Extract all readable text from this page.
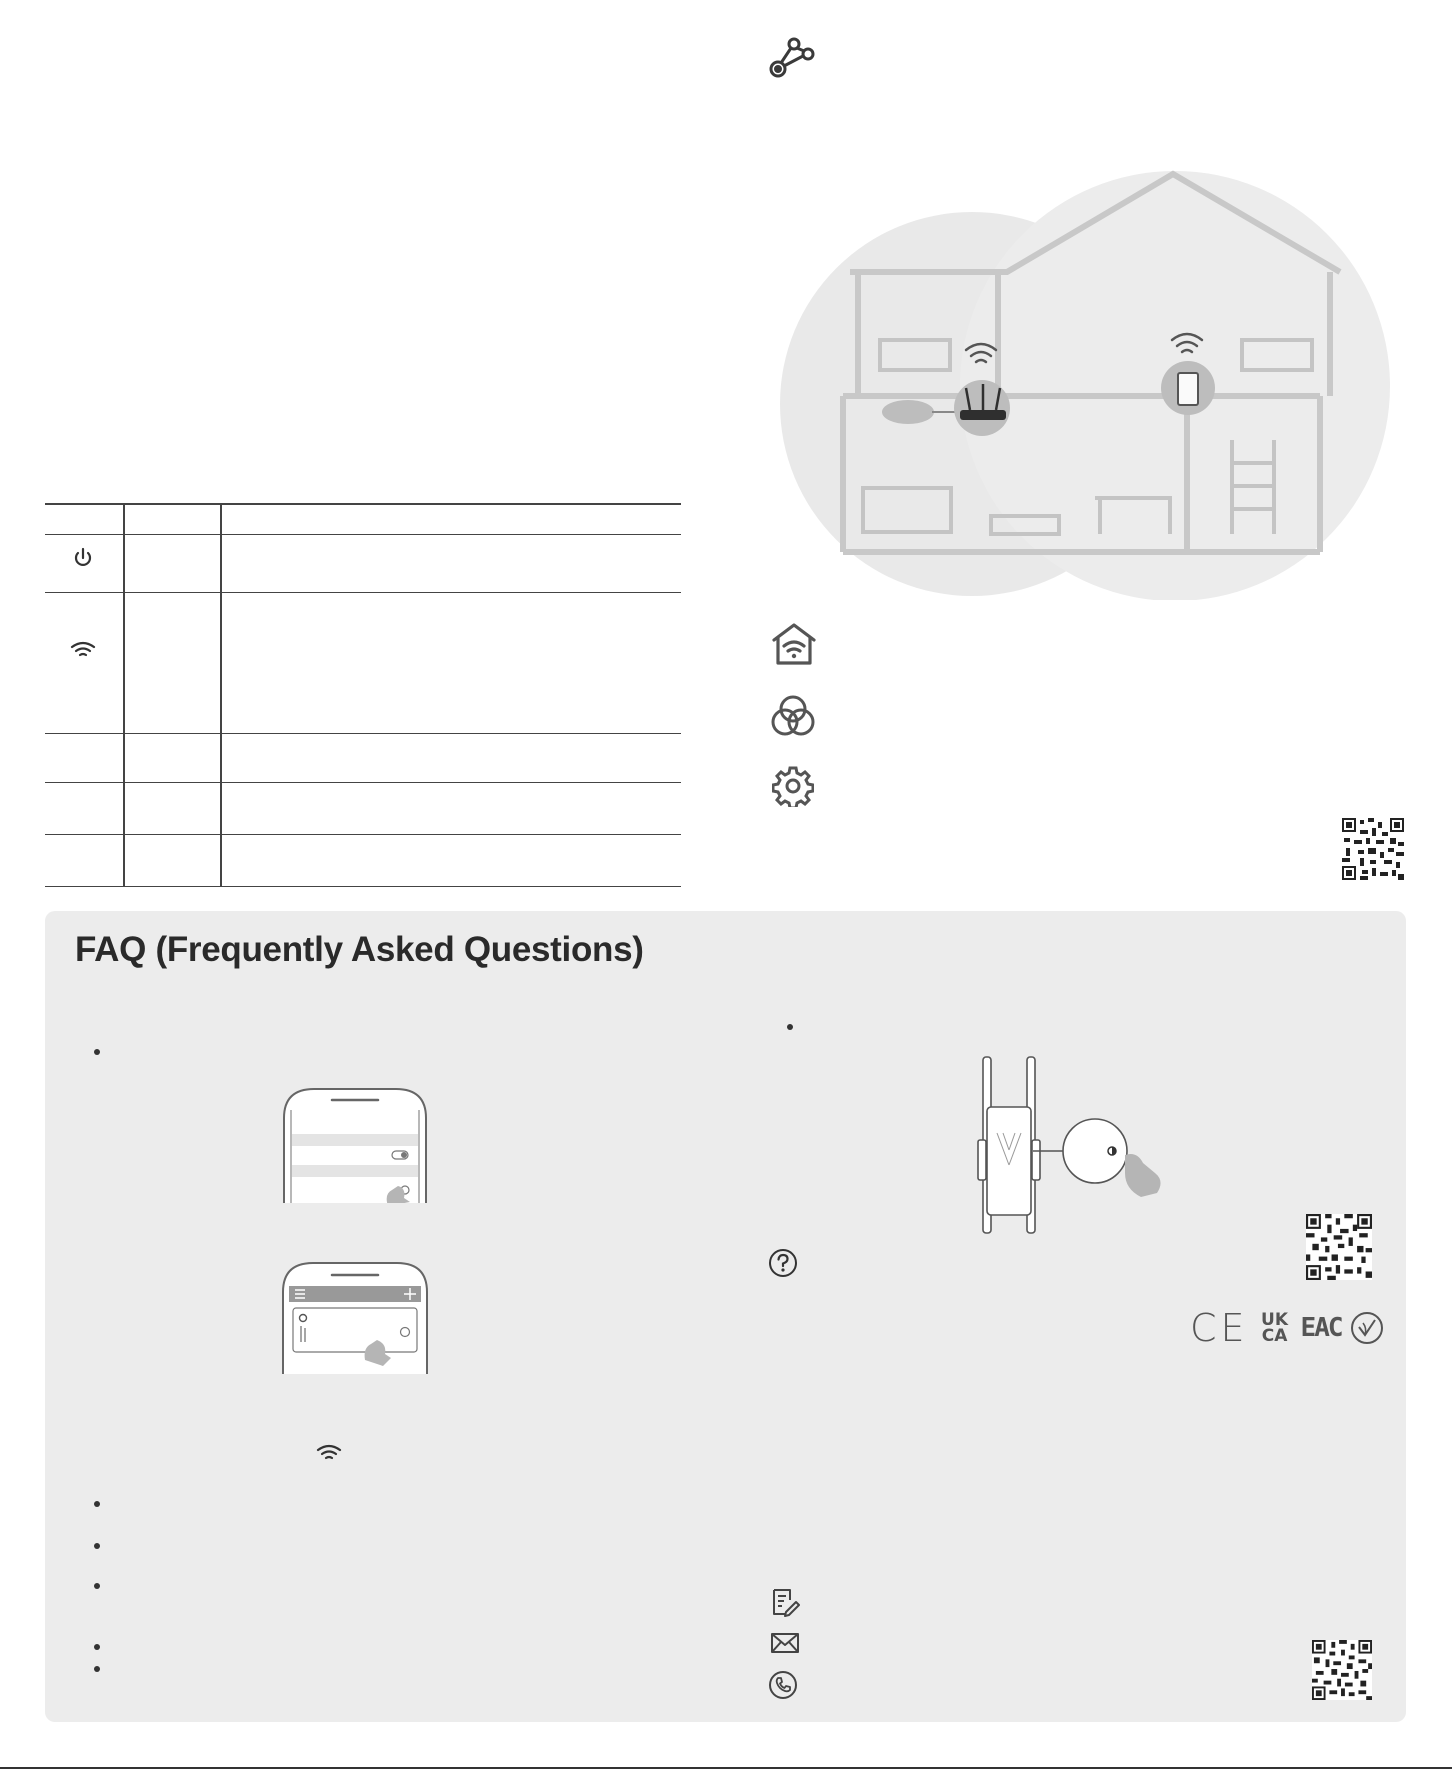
FAQ (Frequently Asked Questions)
CE UK CA EAC
